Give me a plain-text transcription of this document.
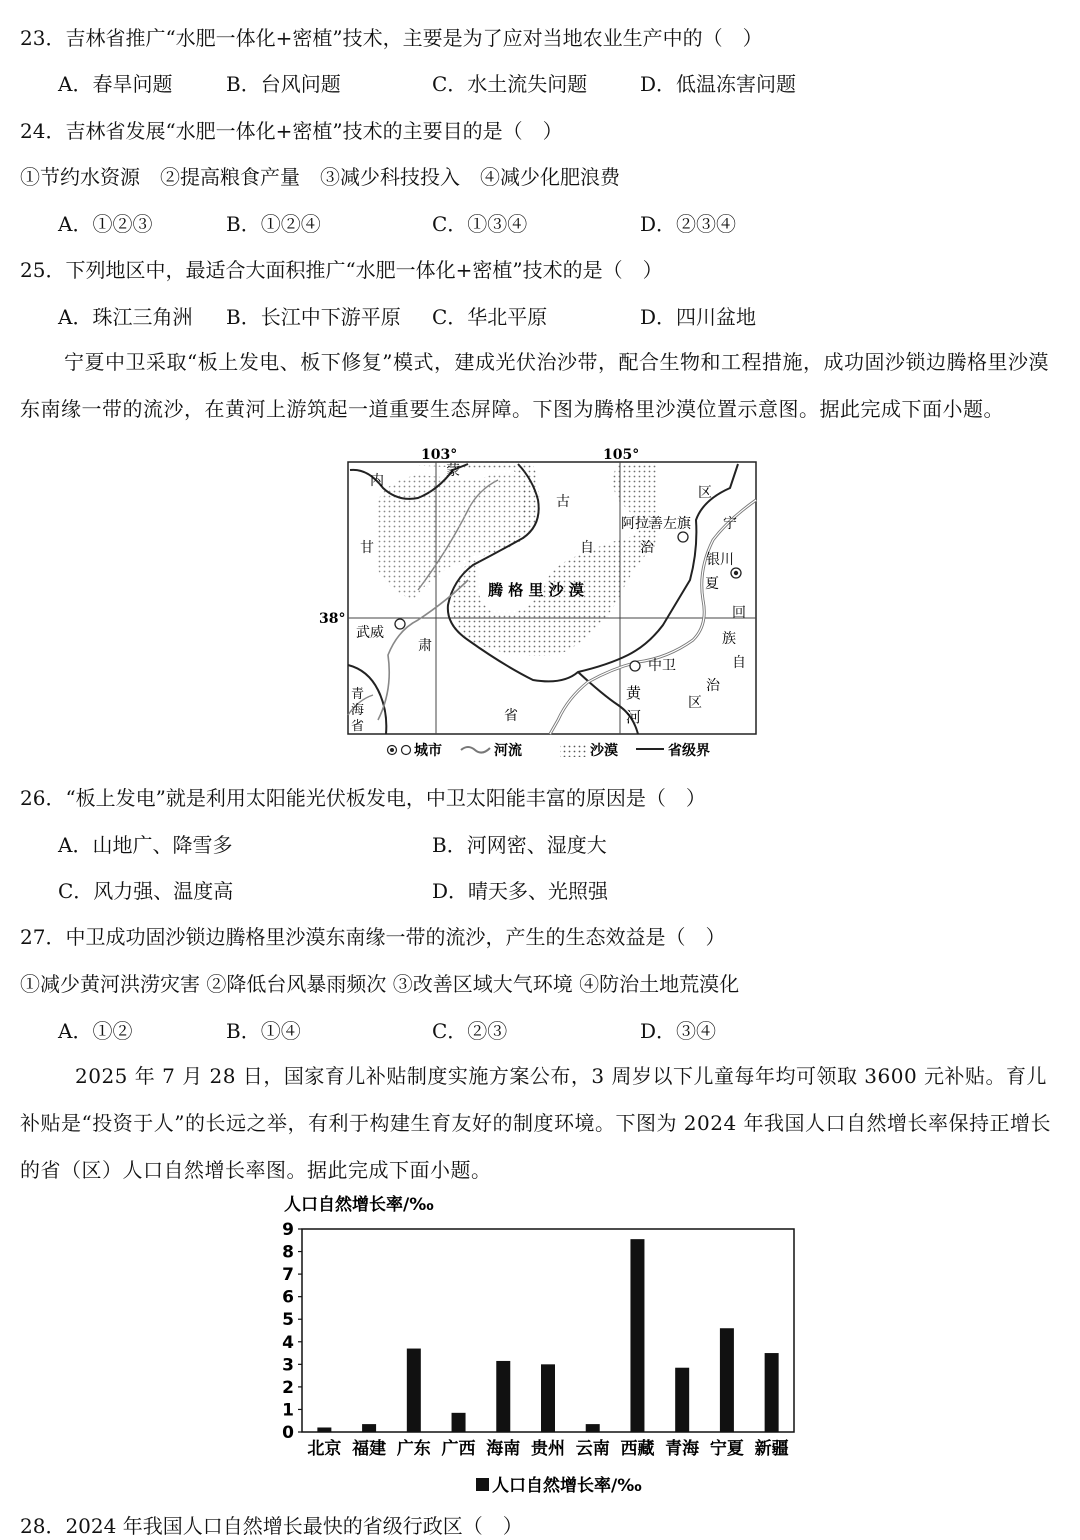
23．吉林省推广“水肥一体化+密植”技术，主要是为了应对当地农业生产中的（　）
A．春旱问题	B．台风问题	C．水土流失问题	D．低温冻害问题
24．吉林省发展“水肥一体化+密植”技术的主要目的是（　）
①节约水资源　②提高粮食产量　③减少科技投入　④减少化肥浪费
A．①②③	B．①②④	C．①③④	D．②③④
25．下列地区中，最适合大面积推广“水肥一体化+密植”技术的是（　）
A．珠江三角洲 B．长江中下游平原 C．华北平原	D．四川盆地
宁夏中卫采取“板上发电、板下修复”模式，建成光伏治沙带，配合生物和工程措施，成功固沙锁边腾格里沙漠东南缘一带的流沙，在黄河上游筑起一道重要生态屏障。下图为腾格里沙漠位置示意图。据此完成下面小题。
103°	105°
38°
腾 格 里 沙 漠
阿拉善左旗
银川
武威
中卫
内
蒙
古
自	治
区
宁
夏
回
族
自
治
区
甘
肃
省
黄
河
青
海
省
城市	河流	沙漠	省级界
26．“板上发电”就是利用太阳能光伏板发电，中卫太阳能丰富的原因是（　）
A．山地广、降雪多	B．河网密、湿度大
C．风力强、温度高	D．晴天多、光照强
27．中卫成功固沙锁边腾格里沙漠东南缘一带的流沙，产生的生态效益是（　）
①减少黄河洪涝灾害 ②降低台风暴雨频次 ③改善区域大气环境 ④防治土地荒漠化
A．①②	B．①④	C．②③	D．③④
2025 年 7 月 28 日，国家育儿补贴制度实施方案公布，3 周岁以下儿童每年均可领取 3600 元补贴。育儿补贴是“投资于人”的长远之举，有利于构建生育友好的制度环境。下图为 2024 年我国人口自然增长率保持正增长的省（区）人口自然增长率图。据此完成下面小题。
人口自然增长率/‰
0
1
2
3
4
5
6
7
8
9
北京 福建 广东 广西 海南 贵州 云南 西藏 青海 宁夏 新疆
人口自然增长率/‰
28．2024 年我国人口自然增长最快的省级行政区（　）
